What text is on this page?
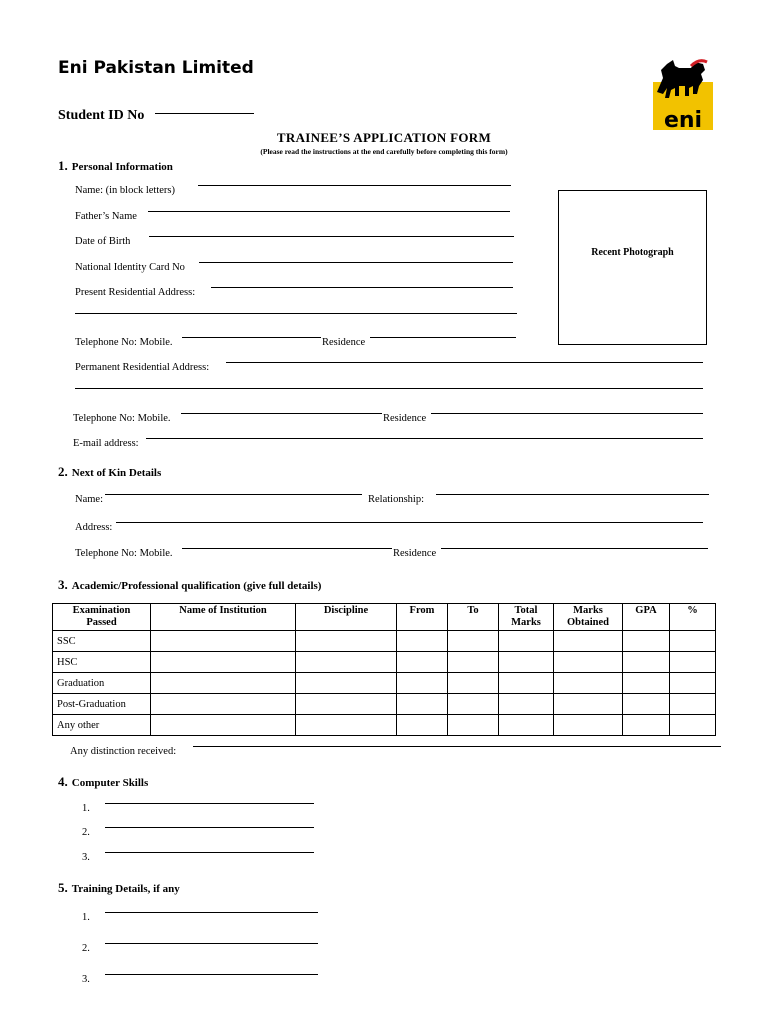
Eni Pakistan Limited
eni
Student ID No
TRAINEE’S APPLICATION FORM
(Please read the instructions at the end carefully before completing this form)
1. Personal Information
Name: (in block letters)
Father’s Name
Date of Birth
National Identity Card No
Present Residential Address:
Telephone No: Mobile.	Residence
Recent Photograph
Permanent Residential Address:
Telephone No: Mobile.	Residence
E-mail address:
2. Next of Kin Details
Name:	Relationship:
Address:
Telephone No: Mobile.	Residence
3. Academic/Professional qualification (give full details)
Examination Passed	Name of Institution	Discipline	From	To	Total Marks	Marks Obtained	GPA	%
SSC								
HSC								
Graduation								
Post-Graduation								
Any other								
Any distinction received:
4. Computer Skills
1.
2.
3.
5. Training Details, if any
1.
2.
3.
